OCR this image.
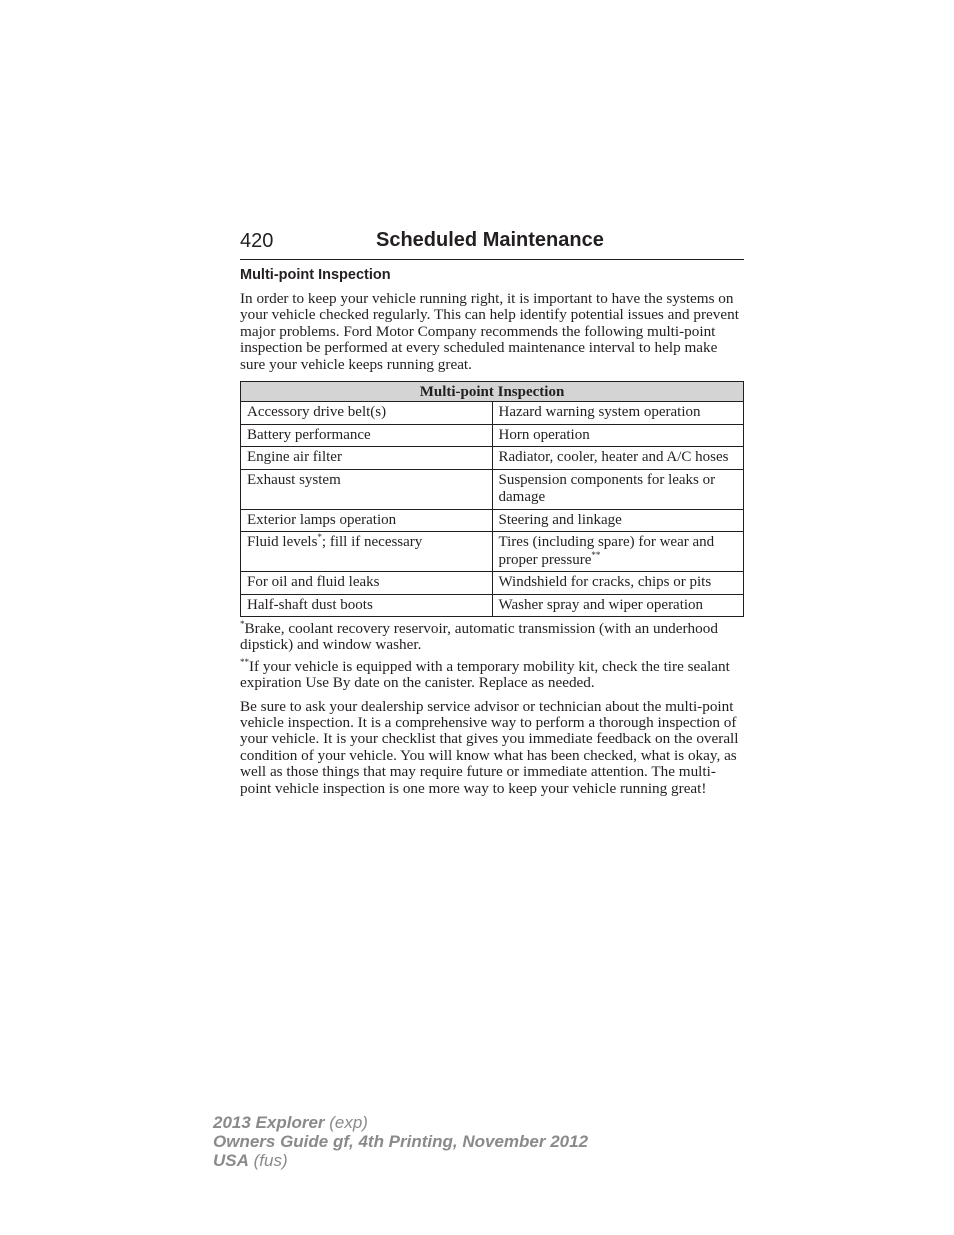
420	Scheduled Maintenance
Multi-point Inspection

In order to keep your vehicle running right, it is important to have the systems on your vehicle checked regularly. This can help identify potential issues and prevent major problems. Ford Motor Company recommends the following multi-point inspection be performed at every scheduled maintenance interval to help make sure your vehicle keeps running great.

Multi-point Inspection	
Accessory drive belt(s)	Hazard warning system operation
Battery performance	Horn operation
Engine air filter	Radiator, cooler, heater and A/C hoses
Exhaust system	Suspension components for leaks or damage
Exterior lamps operation	Steering and linkage
Fluid levels*; fill if necessary	Tires (including spare) for wear and proper pressure**
For oil and fluid leaks	Windshield for cracks, chips or pits
Half-shaft dust boots	Washer spray and wiper operation

*Brake, coolant recovery reservoir, automatic transmission (with an underhood dipstick) and window washer.

**If your vehicle is equipped with a temporary mobility kit, check the tire sealant expiration Use By date on the canister. Replace as needed.

Be sure to ask your dealership service advisor or technician about the multi-point vehicle inspection. It is a comprehensive way to perform a thorough inspection of your vehicle. It is your checklist that gives you immediate feedback on the overall condition of your vehicle. You will know what has been checked, what is okay, as well as those things that may require future or immediate attention. The multi-point vehicle inspection is one more way to keep your vehicle running great!

2013 Explorer (exp)
Owners Guide gf, 4th Printing, November 2012
USA (fus)
